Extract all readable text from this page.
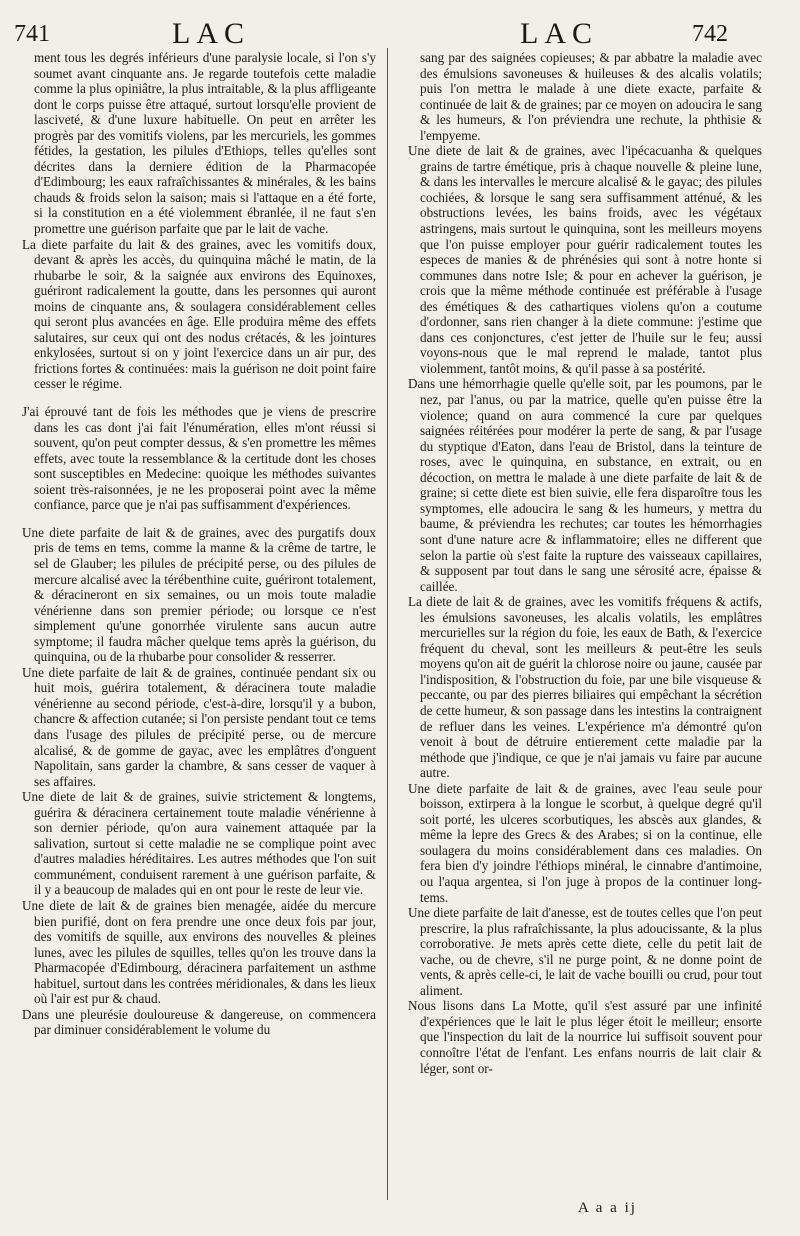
741	LAC	LAC	742

ment tous les degrés inférieurs d'une paralysie locale, si l'on s'y soumet avant cinquante ans. Je regarde toutefois cette maladie comme la plus opiniâtre, la plus intraitable, & la plus affligeante dont le corps puisse être attaqué, surtout lorsqu'elle provient de lasciveté, & d'une luxure habituelle. On peut en arrêter les progrès par des vomitifs violens, par les mercuriels, les gommes fétides, la gestation, les pilules d'Ethiops, telles qu'elles sont décrites dans la derniere édition de la Pharmacopée d'Edimbourg; les eaux rafraîchissantes & minérales, & les bains chauds & froids selon la saison; mais si l'attaque en a été forte, si la constitution en a été violemment ébranlée, il ne faut s'en promettre une guérison parfaite que par le lait de vache.

La diete parfaite du lait & des graines, avec les vomitifs doux, devant & après les accès, du quinquina mâché le matin, de la rhubarbe le soir, & la saignée aux environs des Equinoxes, guériront radicalement la goutte, dans les personnes qui auront moins de cinquante ans, & soulagera considérablement celles qui seront plus avancées en âge. Elle produira même des effets salutaires, sur ceux qui ont des nodus crétacés, & les jointures enkylosées, surtout si on y joint l'exercice dans un air pur, des frictions fortes & continuées: mais la guérison ne doit point faire cesser le régime.

J'ai éprouvé tant de fois les méthodes que je viens de prescrire dans les cas dont j'ai fait l'énumération, elles m'ont réussi si souvent, qu'on peut compter dessus, & s'en promettre les mêmes effets, avec toute la ressemblance & la certitude dont les choses sont susceptibles en Medecine: quoique les méthodes suivantes soient très-raisonnées, je ne les proposerai point avec la même confiance, parce que je n'ai pas suffisamment d'expériences.

Une diete parfaite de lait & de graines, avec des purgatifs doux pris de tems en tems, comme la manne & la crême de tartre, le sel de Glauber; les pilules de précipité perse, ou des pilules de mercure alcalisé avec la térébenthine cuite, guériront totalement, & déracineront en six semaines, ou un mois toute maladie vénérienne dans son premier période; ou lorsque ce n'est simplement qu'une gonorrhée virulente sans aucun autre symptome; il faudra mâcher quelque tems après la guérison, du quinquina, ou de la rhubarbe pour consolider & resserrer.

Une diete parfaite de lait & de graines, continuée pendant six ou huit mois, guérira totalement, & déracinera toute maladie vénérienne au second période, c'est-à-dire, lorsqu'il y a bubon, chancre & affection cutanée; si l'on persiste pendant tout ce tems dans l'usage des pilules de précipité perse, ou de mercure alcalisé, & de gomme de gayac, avec les emplâtres d'onguent Napolitain, sans garder la chambre, & sans cesser de vaquer à ses affaires.

Une diete de lait & de graines, suivie strictement & longtems, guérira & déracinera certainement toute maladie vénérienne à son dernier période, qu'on aura vainement attaquée par la salivation, surtout si cette maladie ne se complique point avec d'autres maladies héréditaires. Les autres méthodes que l'on suit communément, conduisent rarement à une guérison parfaite, & il y a beaucoup de malades qui en ont pour le reste de leur vie.

Une diete de lait & de graines bien menagée, aidée du mercure bien purifié, dont on fera prendre une once deux fois par jour, des vomitifs de squille, aux environs des nouvelles & pleines lunes, avec les pilules de squilles, telles qu'on les trouve dans la Pharmacopée d'Edimbourg, déracinera parfaitement un asthme habituel, surtout dans les contrées méridionales, & dans les lieux où l'air est pur & chaud.

Dans une pleurésie douloureuse & dangereuse, on commencera par diminuer considérablement le volume du

sang par des saignées copieuses; & par abbatre la maladie avec des émulsions savoneuses & huileuses & des alcalis volatils; puis l'on mettra le malade à une diete exacte, parfaite & continuée de lait & de graines; par ce moyen on adoucira le sang & les humeurs, & l'on préviendra une rechute, la phthisie & l'empyeme.

Une diete de lait & de graines, avec l'ipécacuanha & quelques grains de tartre émétique, pris à chaque nouvelle & pleine lune, & dans les intervalles le mercure alcalisé & le gayac; des pilules cochiées, & lorsque le sang sera suffisamment atténué, & les obstructions levées, les bains froids, avec les végétaux astringens, mais surtout le quinquina, sont les meilleurs moyens que l'on puisse employer pour guérir radicalement toutes les especes de manies & de phrénésies qui sont à notre honte si communes dans notre Isle; & pour en achever la guérison, je crois que la même méthode continuée est préférable à l'usage des émétiques & des cathartiques violens qu'on a coutume d'ordonner, sans rien changer à la diete commune: j'estime que dans ces conjonctures, c'est jetter de l'huile sur le feu; aussi voyons-nous que le mal reprend le malade, tantot plus violemment, tantôt moins, & qu'il passe à sa postérité.

Dans une hémorrhagie quelle qu'elle soit, par les poumons, par le nez, par l'anus, ou par la matrice, quelle qu'en puisse être la violence; quand on aura commencé la cure par quelques saignées réitérées pour modérer la perte de sang, & par l'usage du styptique d'Eaton, dans l'eau de Bristol, dans la teinture de roses, avec le quinquina, en substance, en extrait, ou en décoction, on mettra le malade à une diete parfaite de lait & de graine; si cette diete est bien suivie, elle fera disparoître tous les symptomes, elle adoucira le sang & les humeurs, y mettra du baume, & préviendra les rechutes; car toutes les hémorrhagies sont d'une nature acre & inflammatoire; elles ne different que selon la partie où s'est faite la rupture des vaisseaux capillaires, & supposent par tout dans le sang une sérosité acre, épaisse & caillée.

La diete de lait & de graines, avec les vomitifs fréquens & actifs, les émulsions savoneuses, les alcalis volatils, les emplâtres mercurielles sur la région du foie, les eaux de Bath, & l'exercice fréquent du cheval, sont les meilleurs & peut-être les seuls moyens qu'on ait de guérit la chlorose noire ou jaune, causée par l'indisposition, & l'obstruction du foie, par une bile visqueuse & peccante, ou par des pierres biliaires qui empêchant la sécrétion de cette humeur, & son passage dans les intestins la contraignent de refluer dans les veines. L'expérience m'a démontré qu'on venoit à bout de détruire entierement cette maladie par la méthode que j'indique, ce que je n'ai jamais vu faire par aucune autre.

Une diete parfaite de lait & de graines, avec l'eau seule pour boisson, extirpera à la longue le scorbut, à quelque degré qu'il soit porté, les ulceres scorbutiques, les abscès aux glandes, & même la lepre des Grecs & des Arabes; si on la continue, elle soulagera du moins considérablement dans ces maladies. On fera bien d'y joindre l'éthiops minéral, le cinnabre d'antimoine, ou l'aqua argentea, si l'on juge à propos de la continuer long-tems.

Une diete parfaite de lait d'anesse, est de toutes celles que l'on peut prescrire, la plus rafraîchissante, la plus adoucissante, & la plus corroborative. Je mets après cette diete, celle du petit lait de vache, ou de chevre, s'il ne purge point, & ne donne point de vents, & après celle-ci, le lait de vache bouilli ou crud, pour tout aliment.

Nous lisons dans La Motte, qu'il s'est assuré par une infinité d'expériences que le lait le plus léger étoit le meilleur; ensorte que l'inspection du lait de la nourrice lui suffisoit souvent pour connoître l'état de l'enfant. Les enfans nourris de lait clair & léger, sont or-

A a a ij
